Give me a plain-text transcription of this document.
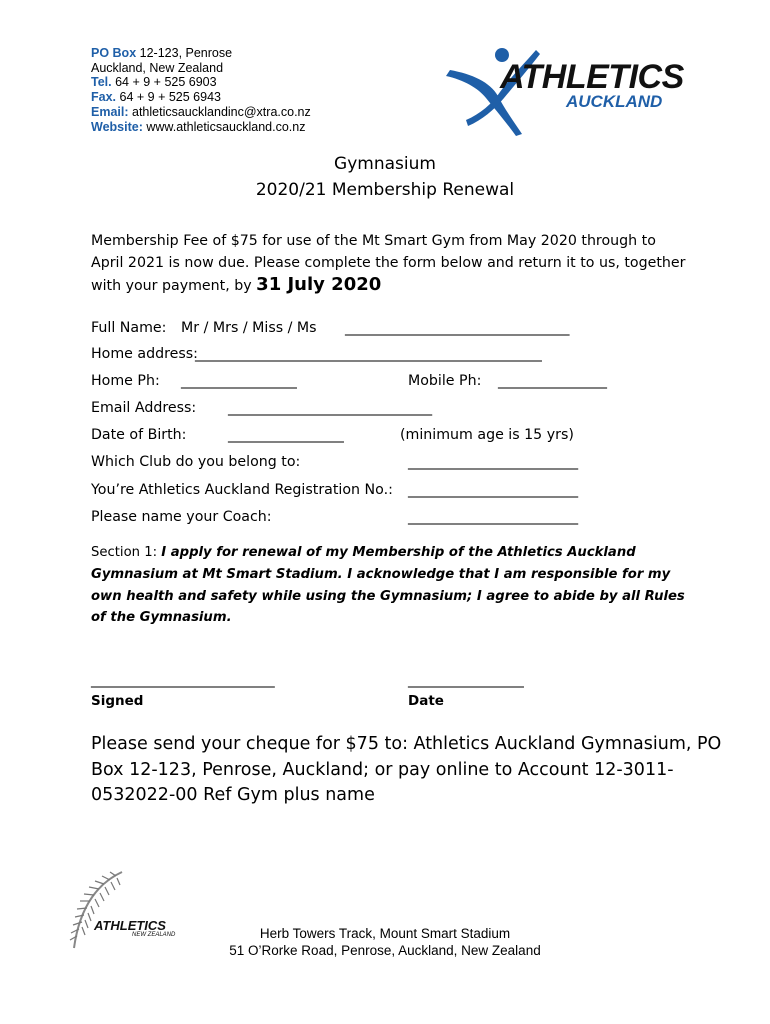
PO Box 12-123, Penrose
Auckland, New Zealand
Tel. 64 + 9 + 525 6903
Fax. 64 + 9 + 525 6943
Email: athleticsaucklandinc@xtra.co.nz
Website: www.athleticsauckland.co.nz
ATHLETICS
AUCKLAND
Gymnasium
2020/21 Membership Renewal
Membership Fee of $75 for use of the Mt Smart Gym from May 2020 through to
April 2021 is now due. Please complete the form below and return it to us, together
with your payment, by 31 July 2020
Full Name: Mr / Mrs / Miss / Ms _________________________________
Home address:
___________________________________________________
Home Ph: _________________	Mobile Ph: ________________
Email Address: ______________________________
Date of Birth:	_________________	(minimum age is 15 yrs)
Which Club do you belong to:	_________________________
You’re Athletics Auckland Registration No.: _________________________
Please name your Coach:	_________________________
Section 1: I apply for renewal of my Membership of the Athletics Auckland
Gymnasium at Mt Smart Stadium. I acknowledge that I am responsible for my
own health and safety while using the Gymnasium; I agree to abide by all Rules
of the Gymnasium.
___________________________
Signed
_________________
Date
Please send your cheque for $75 to: Athletics Auckland Gymnasium, PO
Box 12-123, Penrose, Auckland; or pay online to Account 12-3011-
0532022-00 Ref Gym plus name
ATHLETICS
NEW ZEALAND	Herb Towers Track, Mount Smart Stadium
51 O’Rorke Road, Penrose, Auckland, New Zealand
